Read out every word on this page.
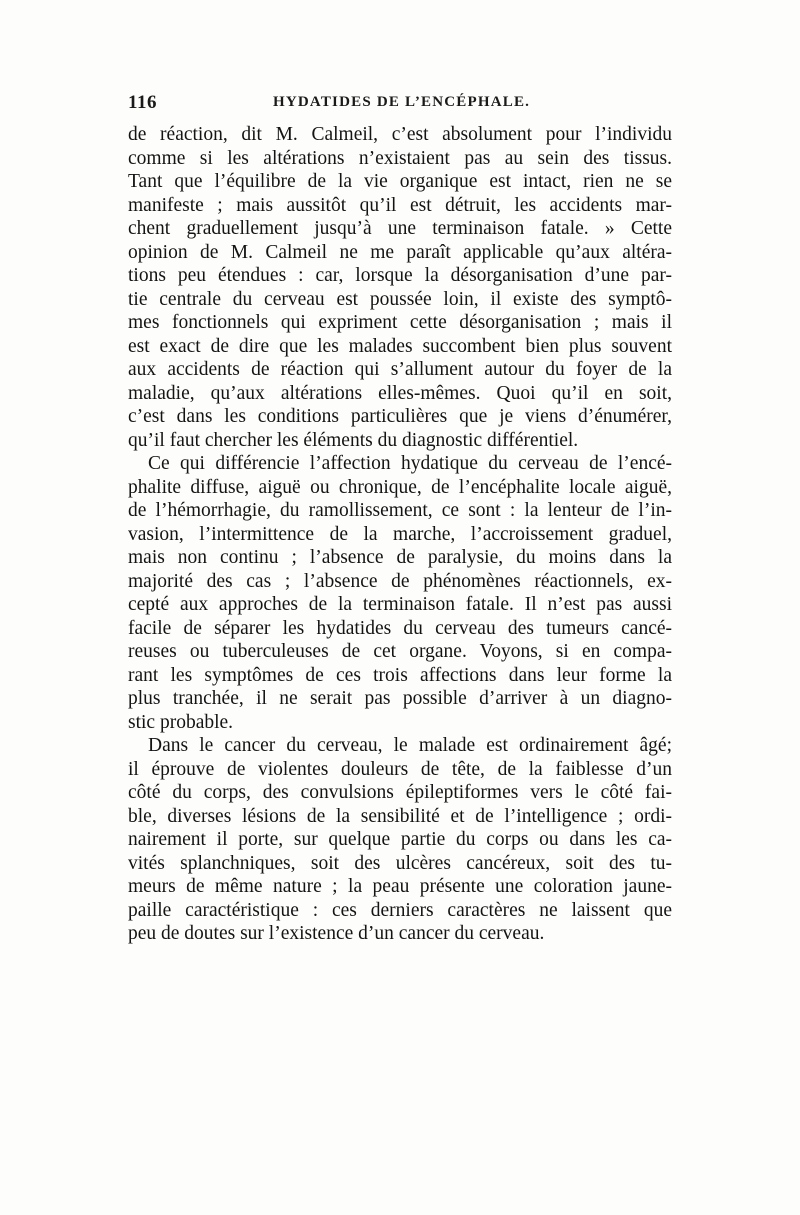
116	HYDATIDES DE L’ENCÉPHALE.
de réaction, dit M. Calmeil, c’est absolument pour l’individu
comme si les altérations n’existaient pas au sein des tissus.
Tant que l’équilibre de la vie organique est intact, rien ne se
manifeste ; mais aussitôt qu’il est détruit, les accidents mar-
chent graduellement jusqu’à une terminaison fatale. » Cette
opinion de M. Calmeil ne me paraît applicable qu’aux altéra-
tions peu étendues : car, lorsque la désorganisation d’une par-
tie centrale du cerveau est poussée loin, il existe des symptô-
mes fonctionnels qui expriment cette désorganisation ; mais il
est exact de dire que les malades succombent bien plus souvent
aux accidents de réaction qui s’allument autour du foyer de la
maladie, qu’aux altérations elles-mêmes. Quoi qu’il en soit,
c’est dans les conditions particulières que je viens d’énumérer,
qu’il faut chercher les éléments du diagnostic différentiel.
Ce qui différencie l’affection hydatique du cerveau de l’encé-
phalite diffuse, aiguë ou chronique, de l’encéphalite locale aiguë,
de l’hémorrhagie, du ramollissement, ce sont : la lenteur de l’in-
vasion, l’intermittence de la marche, l’accroissement graduel,
mais non continu ; l’absence de paralysie, du moins dans la
majorité des cas ; l’absence de phénomènes réactionnels, ex-
cepté aux approches de la terminaison fatale. Il n’est pas aussi
facile de séparer les hydatides du cerveau des tumeurs cancé-
reuses ou tuberculeuses de cet organe. Voyons, si en compa-
rant les symptômes de ces trois affections dans leur forme la
plus tranchée, il ne serait pas possible d’arriver à un diagno-
stic probable.
Dans le cancer du cerveau, le malade est ordinairement âgé;
il éprouve de violentes douleurs de tête, de la faiblesse d’un
côté du corps, des convulsions épileptiformes vers le côté fai-
ble, diverses lésions de la sensibilité et de l’intelligence ; ordi-
nairement il porte, sur quelque partie du corps ou dans les ca-
vités splanchniques, soit des ulcères cancéreux, soit des tu-
meurs de même nature ; la peau présente une coloration jaune-
paille caractéristique : ces derniers caractères ne laissent que
peu de doutes sur l’existence d’un cancer du cerveau.
